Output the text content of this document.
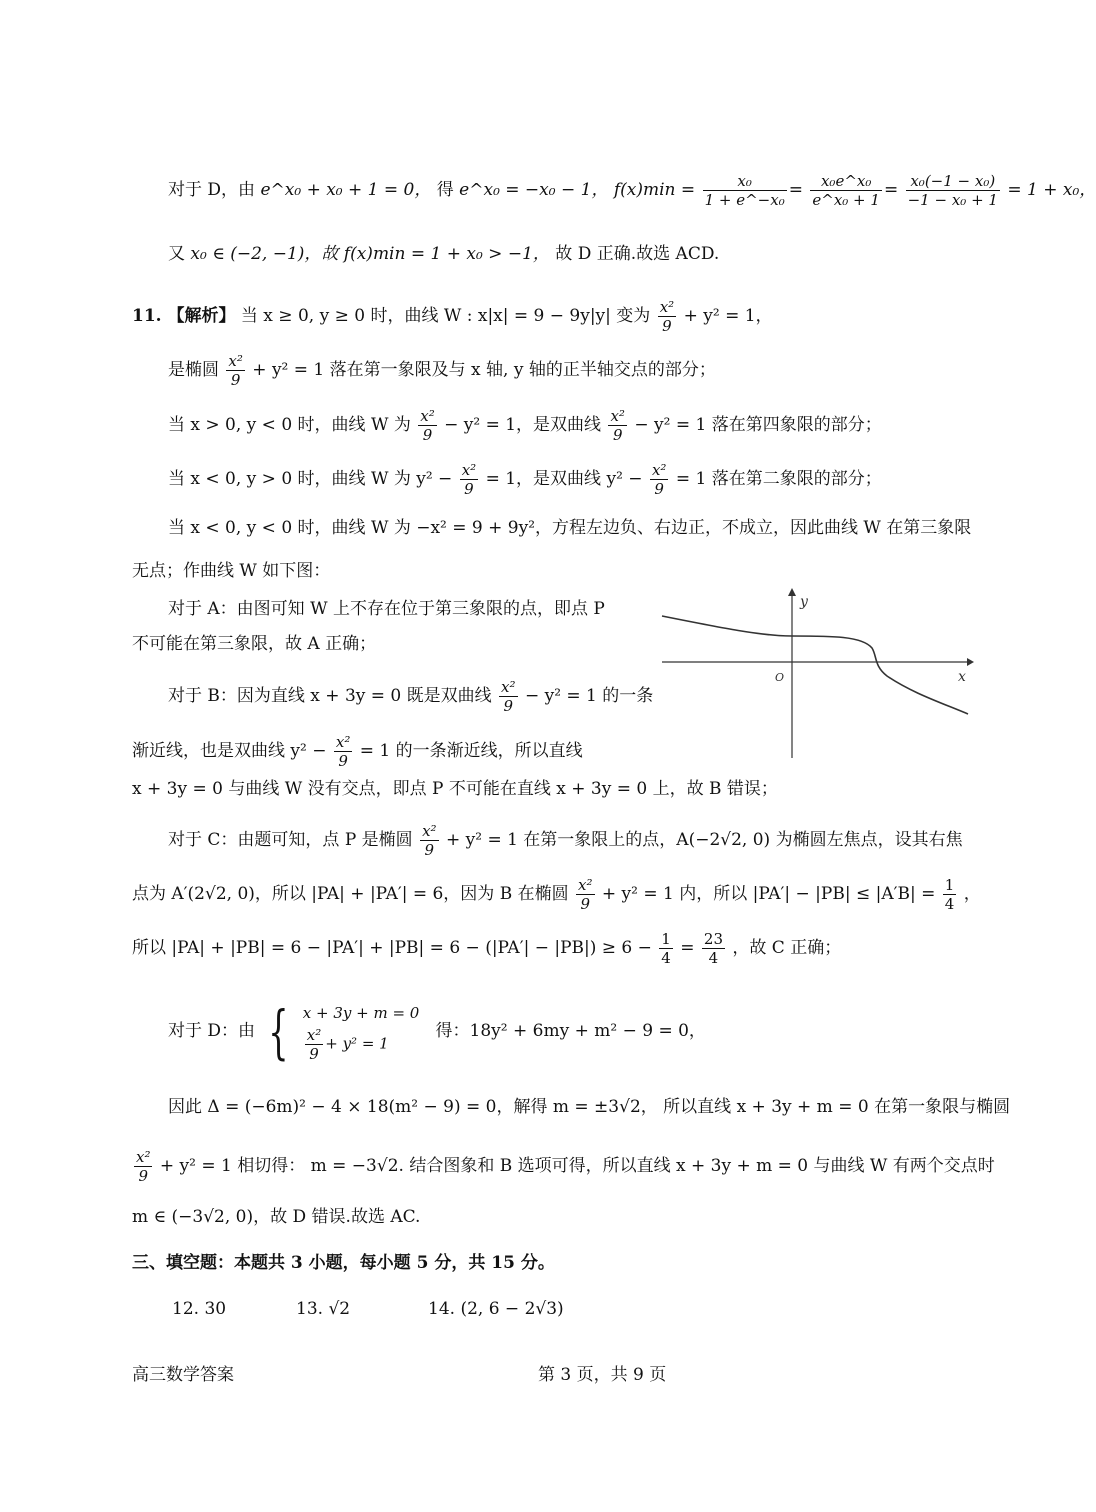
对于 D，由 e^x₀ + x₀ + 1 = 0， 得 e^x₀ = −x₀ − 1， $f(x)\min = \frac{\text{x₀}}{\text{1 + e\textasciicircum{}−x₀}} = \frac{\text{x₀e\textasciicircum{}x₀}}{\text{e\textasciicircum{}x₀ + 1}} = \frac{\text{x₀(−1 − x₀)}}{\text{−1 − x₀ + 1}} = 1 + x_0$，
又 x₀ ∈ (−2, −1)，故 f(x)min = 1 + x₀ > −1， 故 D 正确.故选 ACD.
11. 【解析】 当 x ≥ 0, y ≥ 0 时，曲线 W : x|x| = 9 − 9y|y| 变为 $\frac{\text{x²}}{9} + y^2 = 1$，
是椭圆 $\frac{\text{x²}}{9} + y^2 = 1$ 落在第一象限及与 x 轴, y 轴的正半轴交点的部分；
当 x > 0, y < 0 时，曲线 W 为 $\frac{\text{x²}}{9} - y^2 = 1$，是双曲线 $\frac{\text{x²}}{9} - y^2 = 1$ 落在第四象限的部分；
当 x < 0, y > 0 时，曲线 W 为 $y^2 - \frac{\text{x²}}{9} = 1$，是双曲线 $y^2 - \frac{\text{x²}}{9} = 1$ 落在第二象限的部分；
当 x < 0, y < 0 时，曲线 W 为 −x² = 9 + 9y²，方程左边负、右边正，不成立，因此曲线 W 在第三象限
无点；作曲线 W 如下图：
对于 A：由图可知 W 上不存在位于第三象限的点，即点 P
不可能在第三象限，故 A 正确；
对于 B：因为直线 x + 3y = 0 既是双曲线 $\frac{\text{x²}}{9} - y^2 = 1$ 的一条
渐近线，也是双曲线 $y^2 - \frac{\text{x²}}{9} = 1$ 的一条渐近线，所以直线
x + 3y = 0 与曲线 W 没有交点，即点 P 不可能在直线 x + 3y = 0 上，故 B 错误；
对于 C：由题可知，点 P 是椭圆 $\frac{\text{x²}}{9} + y^2 = 1$ 在第一象限上的点，A(−2√2, 0) 为椭圆左焦点，设其右焦
点为 A′(2√2, 0)，所以 |PA| + |PA′| = 6，因为 B 在椭圆 $\frac{\text{x²}}{9} + y^2 = 1$ 内，所以 $|PA'| - |PB| \le |A'B| = \frac{1}{4}$ ，
所以 $|PA| + |PB| = 6 - |PA'| + |PB| = 6 - (|PA'| - |PB|) \ge 6 - \frac{1}{4} = \frac{23}{4}$ ，故 C 正确；
对于 D：由 { x + 3y + m = 0
$\frac{\text{x²}}{9} + y^2 = 1$
得：18y² + 6my + m² − 9 = 0，
因此 Δ = (−6m)² − 4 × 18(m² − 9) = 0，解得 m = ±3√2， 所以直线 x + 3y + m = 0 在第一象限与椭圆
$\frac{\text{x²}}{9} + y^2 = 1$ 相切得： m = −3√2. 结合图象和 B 选项可得，所以直线 x + 3y + m = 0 与曲线 W 有两个交点时
m ∈ (−3√2, 0)，故 D 错误.故选 AC.
三、填空题：本题共 3 小题，每小题 5 分，共 15 分。
12. 30	13. √2	14. (2, 6 − 2√3)
y
x
O
高三数学答案	第 3 页，共 9 页
